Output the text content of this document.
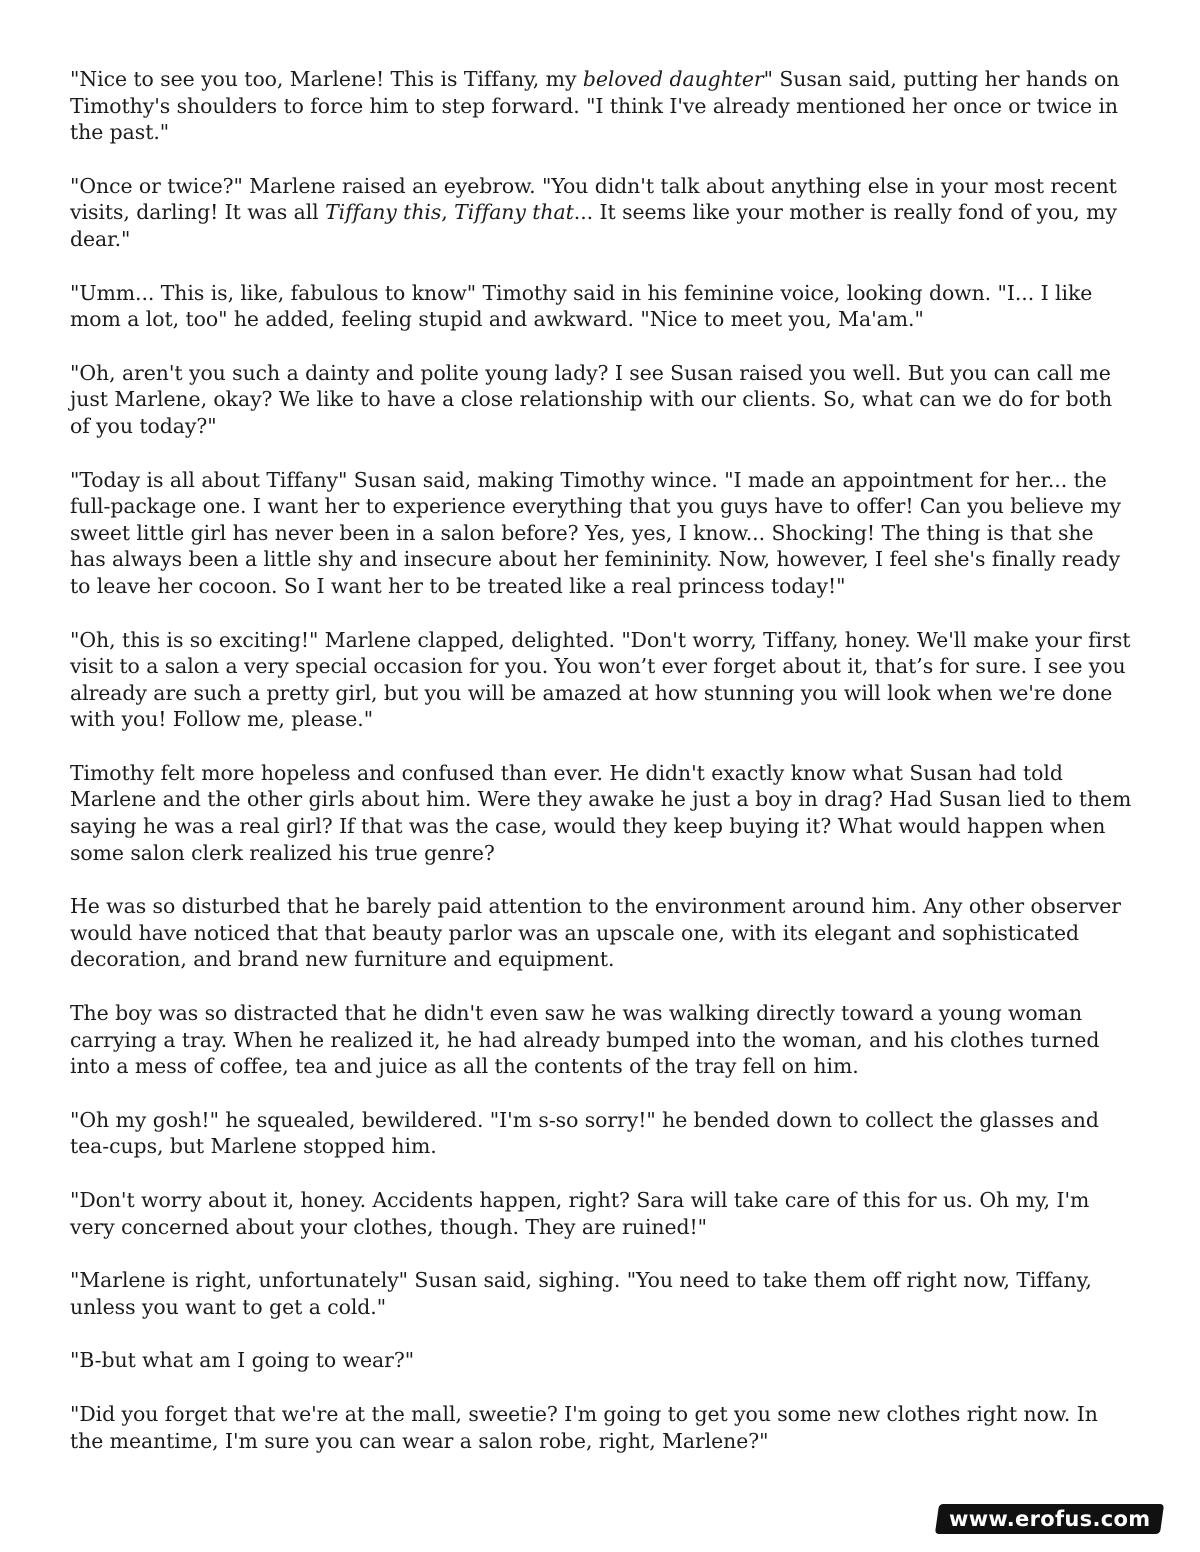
"Nice to see you too, Marlene! This is Tiffany, my beloved daughter" Susan said, putting her hands on Timothy's shoulders to force him to step forward. "I think I've already mentioned her once or twice in the past."

"Once or twice?" Marlene raised an eyebrow. "You didn't talk about anything else in your most recent visits, darling! It was all Tiffany this, Tiffany that... It seems like your mother is really fond of you, my dear."

"Umm... This is, like, fabulous to know" Timothy said in his feminine voice, looking down. "I... I like mom a lot, too" he added, feeling stupid and awkward. "Nice to meet you, Ma'am."

"Oh, aren't you such a dainty and polite young lady? I see Susan raised you well. But you can call me just Marlene, okay? We like to have a close relationship with our clients. So, what can we do for both of you today?"

"Today is all about Tiffany" Susan said, making Timothy wince. "I made an appointment for her... the full-package one. I want her to experience everything that you guys have to offer! Can you believe my sweet little girl has never been in a salon before? Yes, yes, I know... Shocking! The thing is that she has always been a little shy and insecure about her femininity. Now, however, I feel she's finally ready to leave her cocoon. So I want her to be treated like a real princess today!"

"Oh, this is so exciting!" Marlene clapped, delighted. "Don't worry, Tiffany, honey. We'll make your first visit to a salon a very special occasion for you. You won’t ever forget about it, that’s for sure. I see you already are such a pretty girl, but you will be amazed at how stunning you will look when we're done with you! Follow me, please."

Timothy felt more hopeless and confused than ever. He didn't exactly know what Susan had told Marlene and the other girls about him. Were they awake he just a boy in drag? Had Susan lied to them saying he was a real girl? If that was the case, would they keep buying it? What would happen when some salon clerk realized his true genre?

He was so disturbed that he barely paid attention to the environment around him. Any other observer would have noticed that that beauty parlor was an upscale one, with its elegant and sophisticated decoration, and brand new furniture and equipment.

The boy was so distracted that he didn't even saw he was walking directly toward a young woman carrying a tray. When he realized it, he had already bumped into the woman, and his clothes turned into a mess of coffee, tea and juice as all the contents of the tray fell on him.

"Oh my gosh!" he squealed, bewildered. "I'm s-so sorry!" he bended down to collect the glasses and tea-cups, but Marlene stopped him.

"Don't worry about it, honey. Accidents happen, right? Sara will take care of this for us. Oh my, I'm very concerned about your clothes, though. They are ruined!"

"Marlene is right, unfortunately" Susan said, sighing. "You need to take them off right now, Tiffany, unless you want to get a cold."

"B-but what am I going to wear?"

"Did you forget that we're at the mall, sweetie? I'm going to get you some new clothes right now. In the meantime, I'm sure you can wear a salon robe, right, Marlene?"

www.erofus.com
